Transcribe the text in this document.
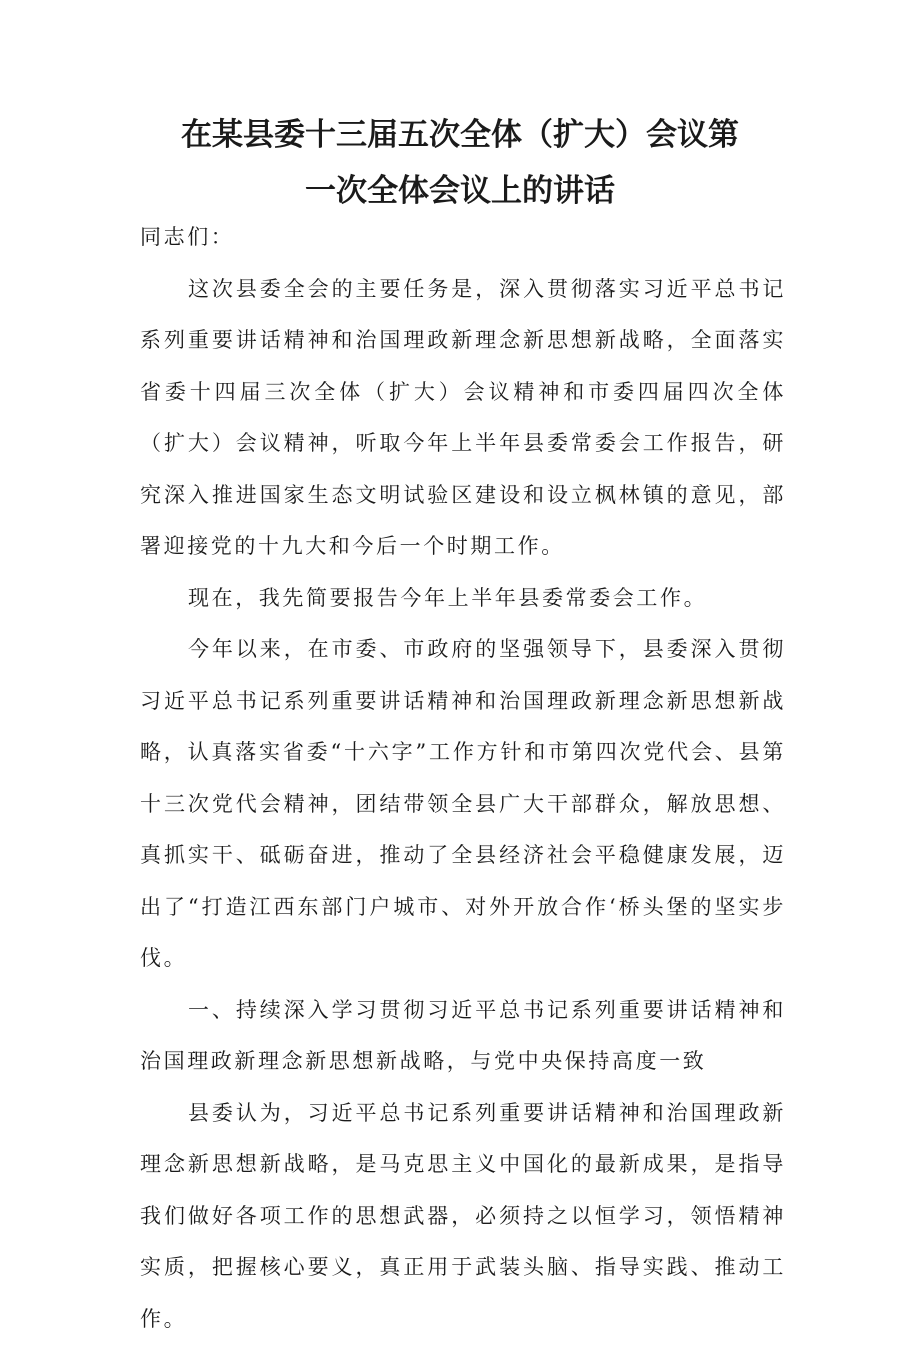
在某县委十三届五次全体（扩大）会议第
一次全体会议上的讲话

同志们：

这次县委全会的主要任务是，深入贯彻落实习近平总书记系列重要讲话精神和治国理政新理念新思想新战略，全面落实省委十四届三次全体（扩大）会议精神和市委四届四次全体（扩大）会议精神，听取今年上半年县委常委会工作报告，研究深入推进国家生态文明试验区建设和设立枫林镇的意见，部署迎接党的十九大和今后一个时期工作。

现在，我先简要报告今年上半年县委常委会工作。

今年以来，在市委、市政府的坚强领导下，县委深入贯彻习近平总书记系列重要讲话精神和治国理政新理念新思想新战略，认真落实省委“十六字”工作方针和市第四次党代会、县第十三次党代会精神，团结带领全县广大干部群众，解放思想、真抓实干、砥砺奋进，推动了全县经济社会平稳健康发展，迈出了“打造江西东部门户城市、对外开放合作‘桥头堡的坚实步伐。

一、持续深入学习贯彻习近平总书记系列重要讲话精神和治国理政新理念新思想新战略，与党中央保持高度一致

县委认为，习近平总书记系列重要讲话精神和治国理政新理念新思想新战略，是马克思主义中国化的最新成果，是指导我们做好各项工作的思想武器，必须持之以恒学习，领悟精神实质，把握核心要义，真正用于武装头脑、指导实践、推动工作。
